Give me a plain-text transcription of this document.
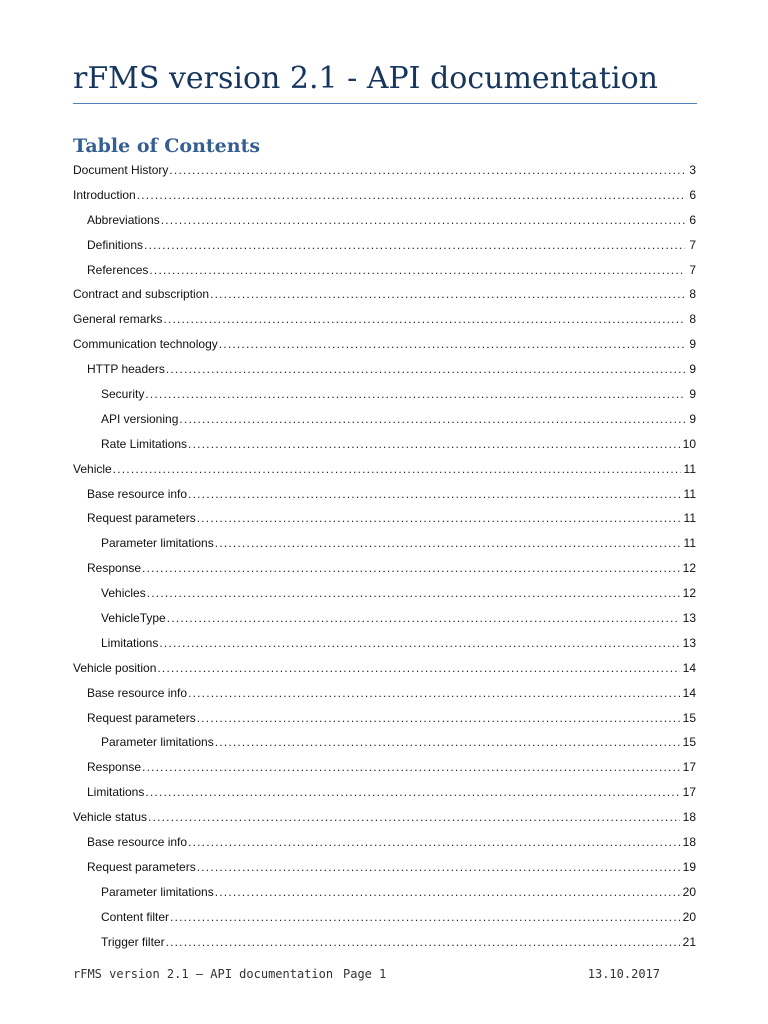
rFMS version 2.1 - API documentation
Table of Contents
Document History .....	3
Introduction .....	6
Abbreviations .....	6
Definitions .....	7
References .....	7
Contract and subscription .....	8
General remarks .....	8
Communication technology .....	9
HTTP headers .....	9
Security .....	9
API versioning .....	9
Rate Limitations .....	10
Vehicle .....	11
Base resource info .....	11
Request parameters .....	11
Parameter limitations .....	11
Response .....	12
Vehicles .....	12
VehicleType .....	13
Limitations .....	13
Vehicle position .....	14
Base resource info .....	14
Request parameters .....	15
Parameter limitations .....	15
Response .....	17
Limitations .....	17
Vehicle status .....	18
Base resource info .....	18
Request parameters .....	19
Parameter limitations .....	20
Content filter .....	20
Trigger filter .....	21
rFMS version 2.1 – API documentation Page 1	13.10.2017
